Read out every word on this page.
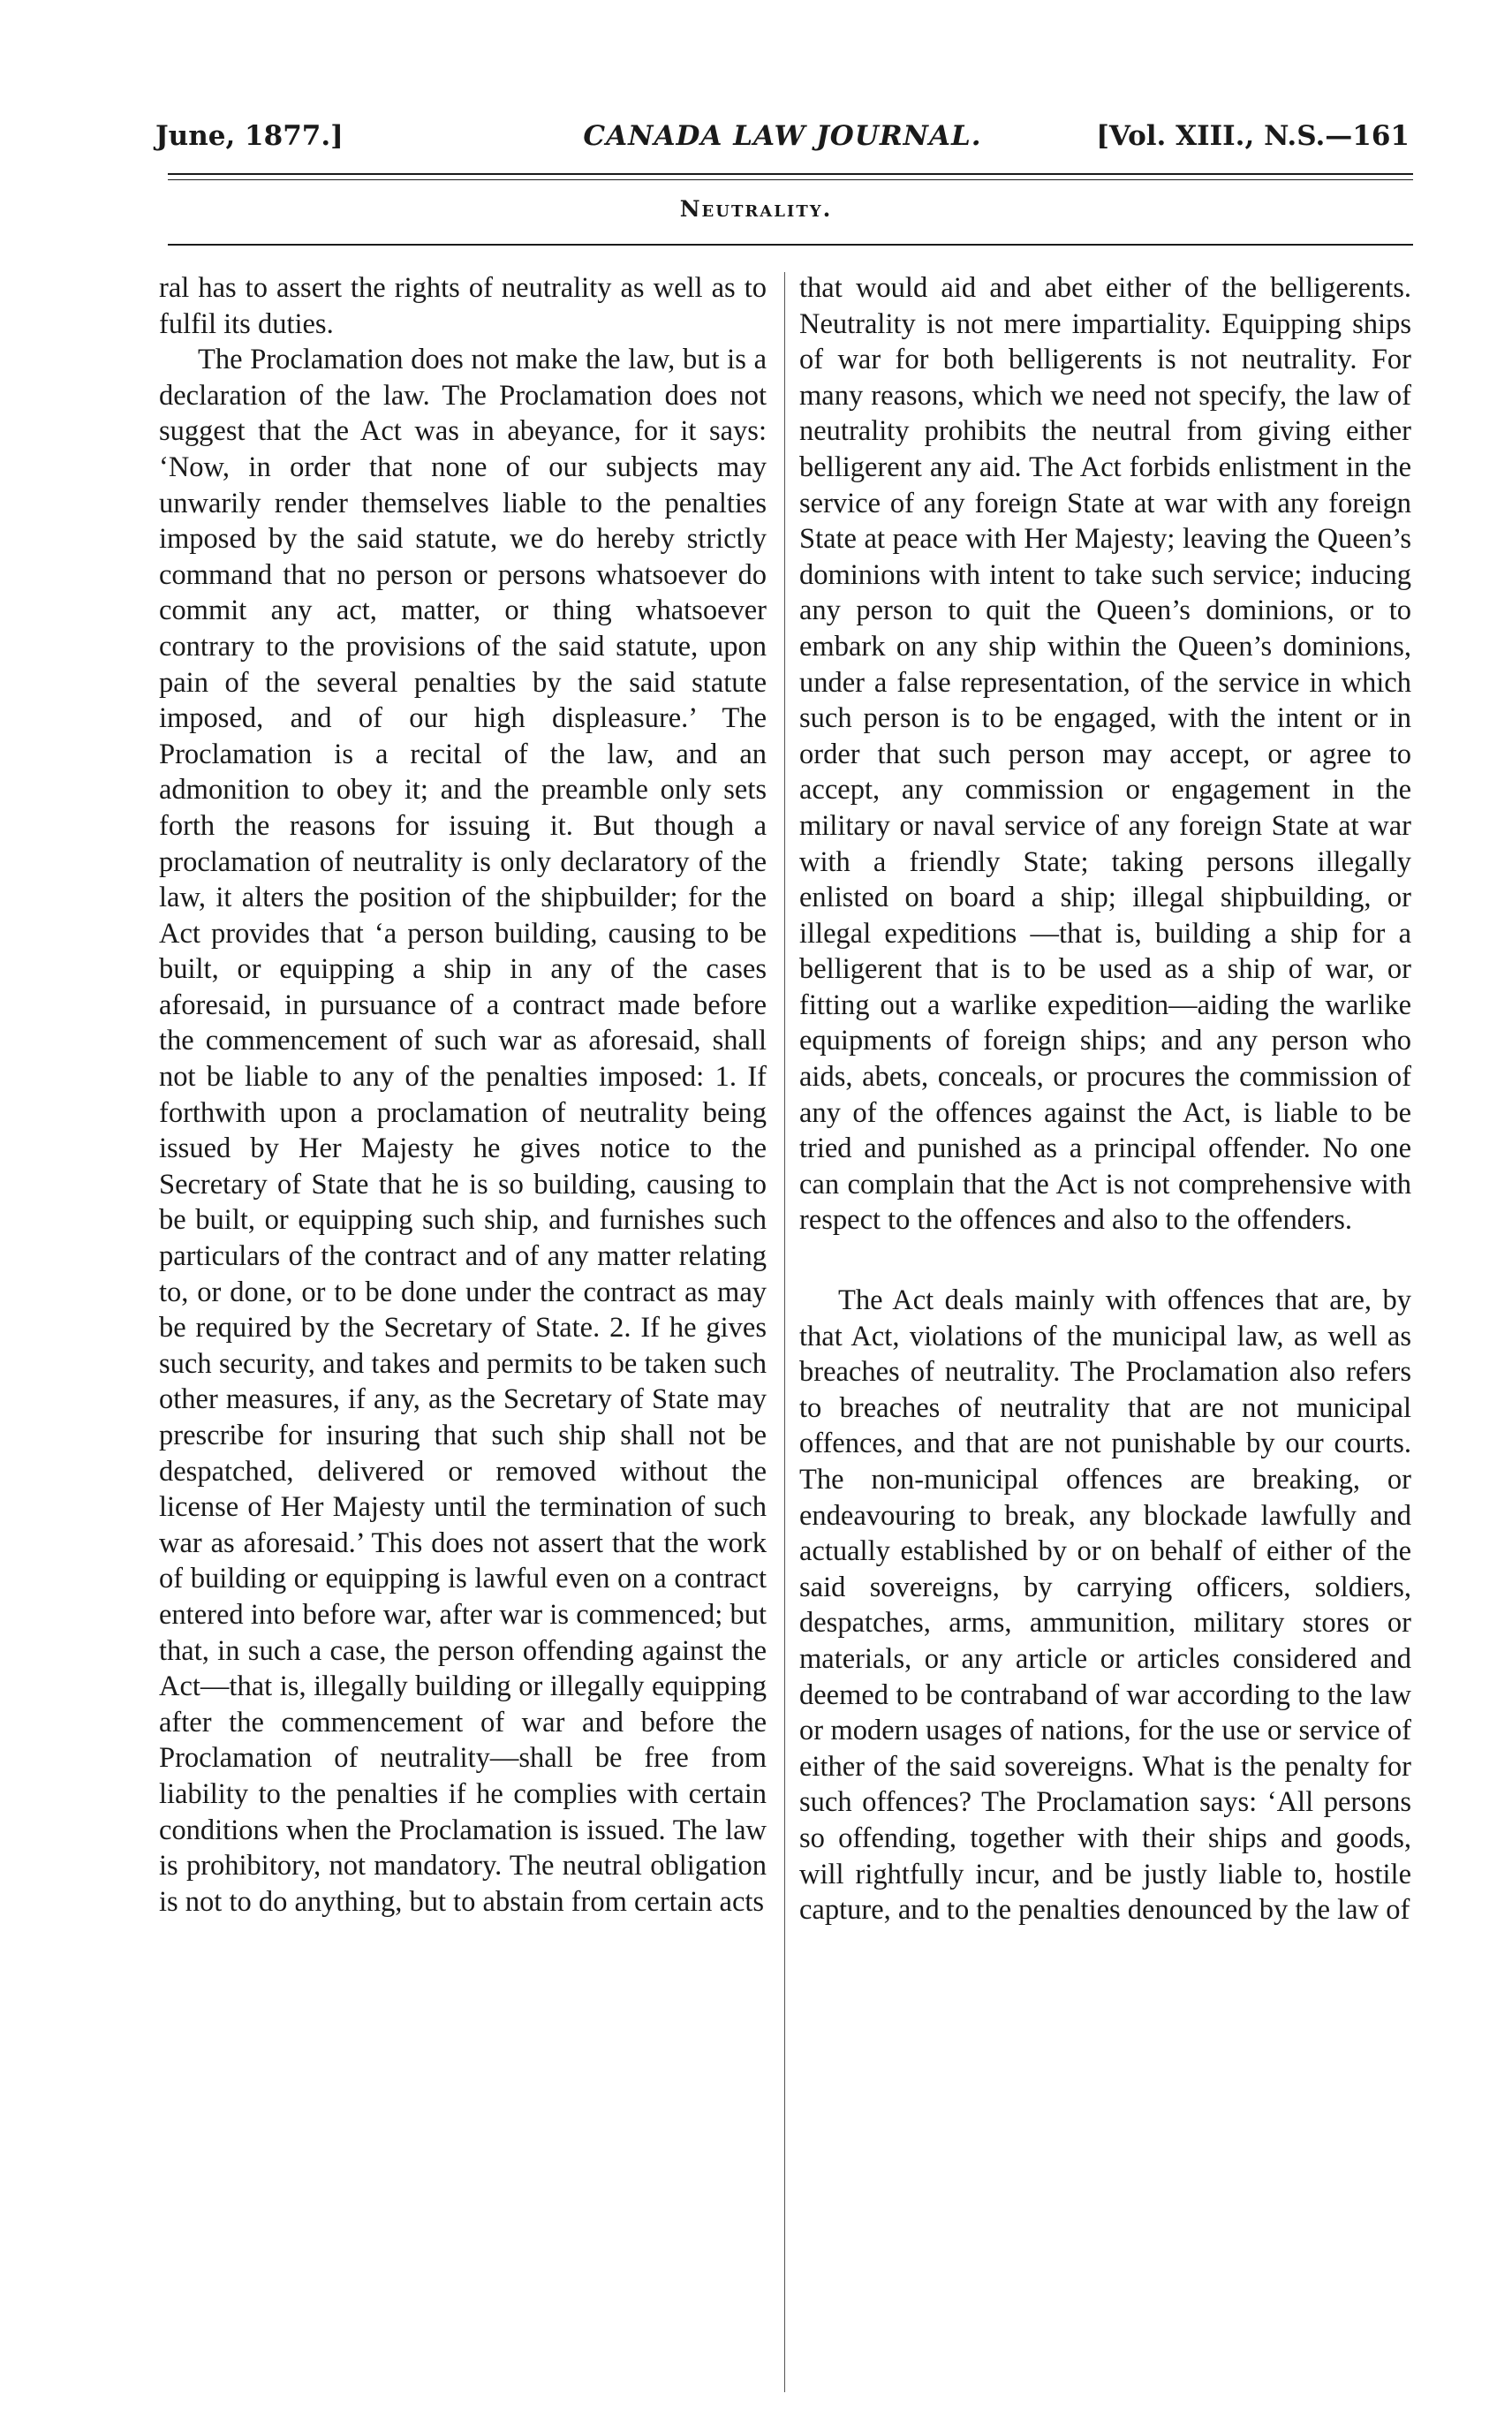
June, 1877.]	CANADA LAW JOURNAL.	[Vol. XIII., N.S.—161
Neutrality.

ral has to assert the rights of neutrality as well as to fulfil its duties.

The Proclamation does not make the law, but is a declaration of the law. The Proclamation does not suggest that the Act was in abeyance, for it says: ‘Now, in order that none of our subjects may unwarily render themselves liable to the penalties imposed by the said statute, we do hereby strictly command that no person or persons whatsoever do commit any act, matter, or thing whatsoever contrary to the provisions of the said statute, upon pain of the several penalties by the said statute imposed, and of our high displeasure.’ The Proclamation is a recital of the law, and an admonition to obey it; and the preamble only sets forth the reasons for issuing it. But though a proclamation of neutrality is only declaratory of the law, it alters the position of the shipbuilder; for the Act provides that ‘a person building, causing to be built, or equipping a ship in any of the cases aforesaid, in pursuance of a contract made before the commencement of such war as aforesaid, shall not be liable to any of the penalties imposed: 1. If forthwith upon a proclamation of neutrality being issued by Her Majesty he gives notice to the Secretary of State that he is so building, causing to be built, or equipping such ship, and furnishes such particulars of the contract and of any matter relating to, or done, or to be done under the contract as may be required by the Secretary of State. 2. If he gives such security, and takes and permits to be taken such other measures, if any, as the Secretary of State may prescribe for insuring that such ship shall not be despatched, delivered or removed without the license of Her Majesty until the termination of such war as aforesaid.’ This does not assert that the work of building or equipping is lawful even on a contract entered into before war, after war is commenced; but that, in such a case, the person offending against the Act—that is, illegally building or illegally equipping after the commencement of war and before the Proclamation of neutrality—shall be free from liability to the penalties if he complies with certain conditions when the Proclamation is issued. The law is prohibitory, not mandatory. The neutral obligation is not to do anything, but to abstain from certain acts

that would aid and abet either of the belligerents. Neutrality is not mere impartiality. Equipping ships of war for both belligerents is not neutrality. For many reasons, which we need not specify, the law of neutrality prohibits the neutral from giving either belligerent any aid. The Act forbids enlistment in the service of any foreign State at war with any foreign State at peace with Her Majesty; leaving the Queen’s dominions with intent to take such service; inducing any person to quit the Queen’s dominions, or to embark on any ship within the Queen’s dominions, under a false representation, of the service in which such person is to be engaged, with the intent or in order that such person may accept, or agree to accept, any commission or engagement in the military or naval service of any foreign State at war with a friendly State; taking persons illegally enlisted on board a ship; illegal shipbuilding, or illegal expeditions —that is, building a ship for a belligerent that is to be used as a ship of war, or fitting out a warlike expedition—aiding the warlike equipments of foreign ships; and any person who aids, abets, conceals, or procures the commission of any of the offences against the Act, is liable to be tried and punished as a principal offender. No one can complain that the Act is not comprehensive with respect to the offences and also to the offenders.

The Act deals mainly with offences that are, by that Act, violations of the municipal law, as well as breaches of neutrality. The Proclamation also refers to breaches of neutrality that are not municipal offences, and that are not punishable by our courts. The non-municipal offences are breaking, or endeavouring to break, any blockade lawfully and actually established by or on behalf of either of the said sovereigns, by carrying officers, soldiers, despatches, arms, ammunition, military stores or materials, or any article or articles considered and deemed to be contraband of war according to the law or modern usages of nations, for the use or service of either of the said sovereigns. What is the penalty for such offences? The Proclamation says: ‘All persons so offending, together with their ships and goods, will rightfully incur, and be justly liable to, hostile capture, and to the penalties denounced by the law of
